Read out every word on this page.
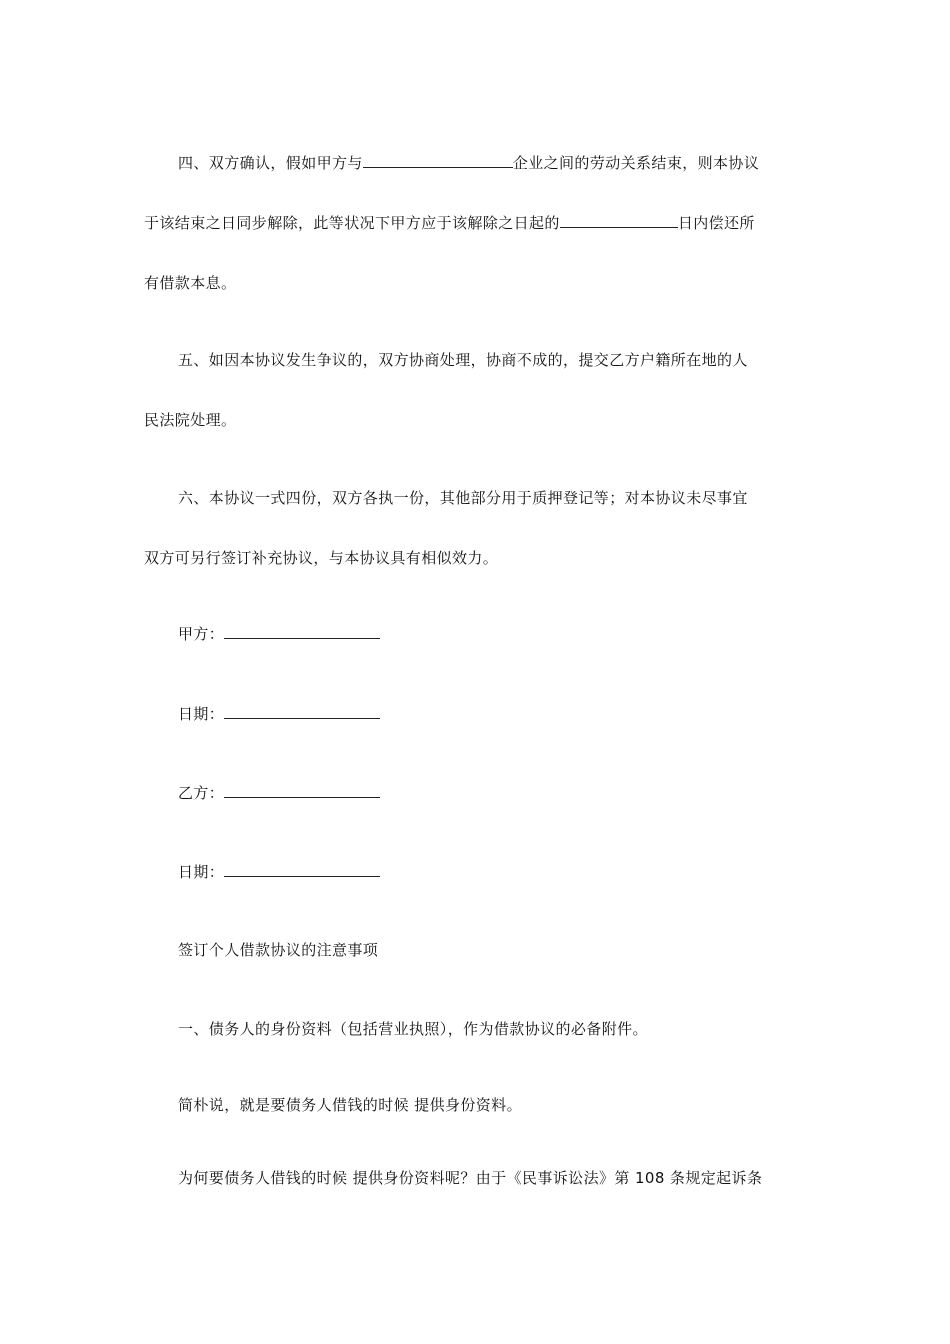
四、双方确认，假如甲方与	企业之间的劳动关系结束，则本协议
于该结束之日同步解除，此等状况下甲方应于该解除之日起的	日内偿还所
有借款本息。
五、如因本协议发生争议的，双方协商处理，协商不成的，提交乙方户籍所在地的人
民法院处理。
六、本协议一式四份，双方各执一份，其他部分用于质押登记等；对本协议未尽事宜
双方可另行签订补充协议，与本协议具有相似效力。
甲方：
日期：
乙方：
日期：
签订个人借款协议的注意事项
一、债务人的身份资料（包括营业执照），作为借款协议的必备附件。
简朴说，就是要债务人借钱的时候 提供身份资料。
为何要债务人借钱的时候 提供身份资料呢？由于《民事诉讼法》第 108 条规定起诉条
